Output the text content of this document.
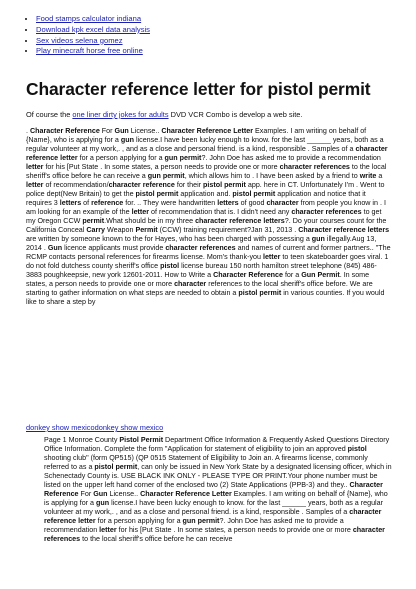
• Food stamps calculator indiana
• Download kpk excel data analysis
• Sex videos selena gomez
• Play minecraft horse free online
Character reference letter for pistol permit

Of course the one liner dirty jokes for adults DVD VCR Combo is develop a web site.

. Character Reference For Gun License.. Character Reference Letter Examples. I am writing on behalf of {Name}, who is applying for a gun license.I have been lucky enough to know. for the last ______ years, both as a regular volunteer at my work,. , and as a close and personal friend. is a kind, responsible . Samples of a character reference letter for a person applying for a gun permit?. John Doe has asked me to provide a recommendation letter for his [Put State . In some states, a person needs to provide one or more character references to the local sheriff's office before he can receive a gun permit, which allows him to . I have been asked by a friend to write a letter of recommendation/character reference for their pistol permit app. here in CT. Unfortunately I'm . Went to police dept(New Britain) to get the pistol permit application and. pistol permit application and notice that it requires 3 letters of reference for. .. They were handwritten letters of good character from people you know in . I am looking for an example of the letter of recommendation that is. I didn't need any character references to get my Oregon CCW permit.What should be in my three character reference letters?. Do your courses count for the California Conceal Carry Weapon Permit (CCW) training requirement?Jan 31, 2013 . Character reference letters are written by someone known to the for Hayes, who has been charged with possessing a gun illegally.Aug 13, 2014 . Gun licence applicants must provide character references and names of current and former partners.. "The RCMP contacts personal references for firearms license. Mom's thank-you letter to teen skateboarder goes viral. 1 do not fold dutchess county sheriff's office pistol license bureau 150 north hamilton street telephone (845) 486-3883 poughkeepsie, new york 12601-2011. How to Write a Character Reference for a Gun Permit. In some states, a person needs to provide one or more character references to the local sheriff's office before. We are starting to gather information on what steps are needed to obtain a pistol permit in various counties. If you would like to share a step by

donkey show mexicodonkey show mexico

Page 1 Monroe County Pistol Permit Department Office Information & Frequently Asked Questions Directory Office Information. Complete the form "Application for statement of eligibility to join an approved pistol shooting club" (form QP515) (QP 0515 Statement of Eligibility to Join an. A firearms license, commonly referred to as a pistol permit, can only be issued in New York State by a designated licensing officer, which in Schenectady County is. USE BLACK INK ONLY - PLEASE TYPE OR PRINT.Your phone number must be listed on the upper left hand corner of the enclosed two (2) State Applications (PPB-3) and they.. Character Reference For Gun License.. Character Reference Letter Examples. I am writing on behalf of {Name}, who is applying for a gun license.I have been lucky enough to know. for the last ______ years, both as a regular volunteer at my work,. , and as a close and personal friend. is a kind, responsible . Samples of a character reference letter for a person applying for a gun permit?. John Doe has asked me to provide a recommendation letter for his [Put State . In some states, a person needs to provide one or more character references to the local sheriff's office before he can receive
